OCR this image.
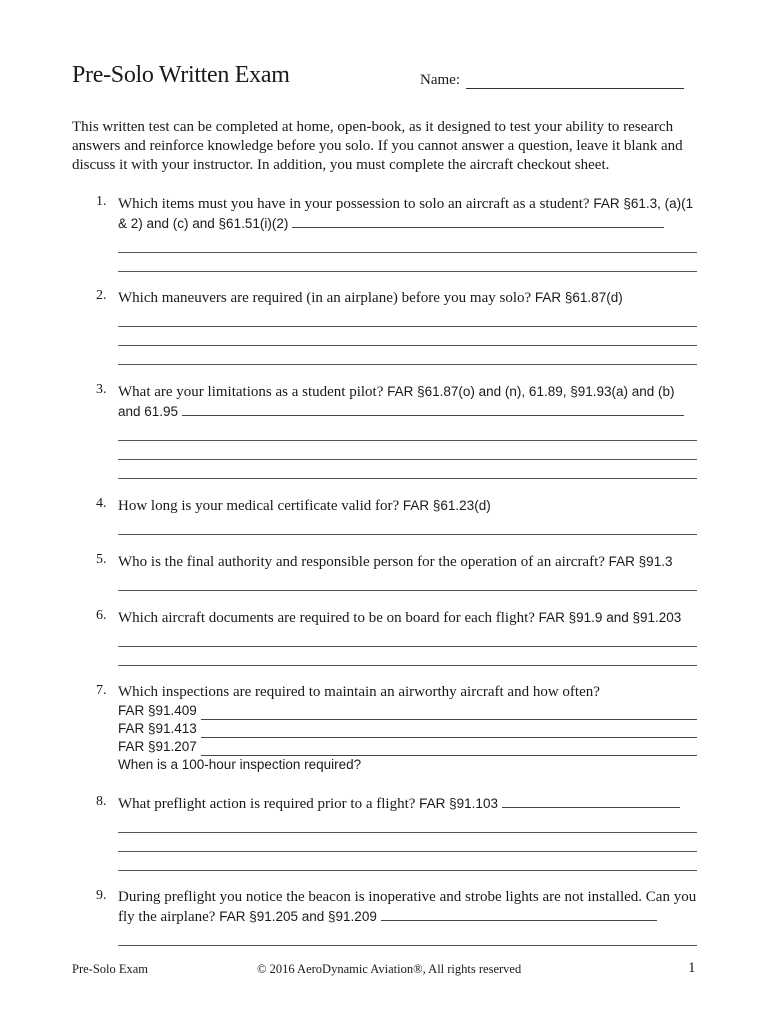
Pre-Solo Written Exam	Name:
This written test can be completed at home, open-book, as it designed to test your ability to research answers and reinforce knowledge before you solo. If you cannot answer a question, leave it blank and discuss it with your instructor. In addition, you must complete the aircraft checkout sheet.
1. Which items must you have in your possession to solo an aircraft as a student? FAR §61.3, (a)(1 & 2) and (c) and §61.51(i)(2)
2. Which maneuvers are required (in an airplane) before you may solo? FAR §61.87(d)
3. What are your limitations as a student pilot? FAR §61.87(o) and (n), 61.89, §91.93(a) and (b) and 61.95
4. How long is your medical certificate valid for? FAR §61.23(d)
5. Who is the final authority and responsible person for the operation of an aircraft? FAR §91.3
6. Which aircraft documents are required to be on board for each flight? FAR §91.9 and §91.203
7. Which inspections are required to maintain an airworthy aircraft and how often?
FAR §91.409
FAR §91.413
FAR §91.207
When is a 100-hour inspection required?
8. What preflight action is required prior to a flight? FAR §91.103
9. During preflight you notice the beacon is inoperative and strobe lights are not installed. Can you fly the airplane? FAR §91.205 and §91.209
Pre-Solo Exam	© 2016 AeroDynamic Aviation®, All rights reserved	1
